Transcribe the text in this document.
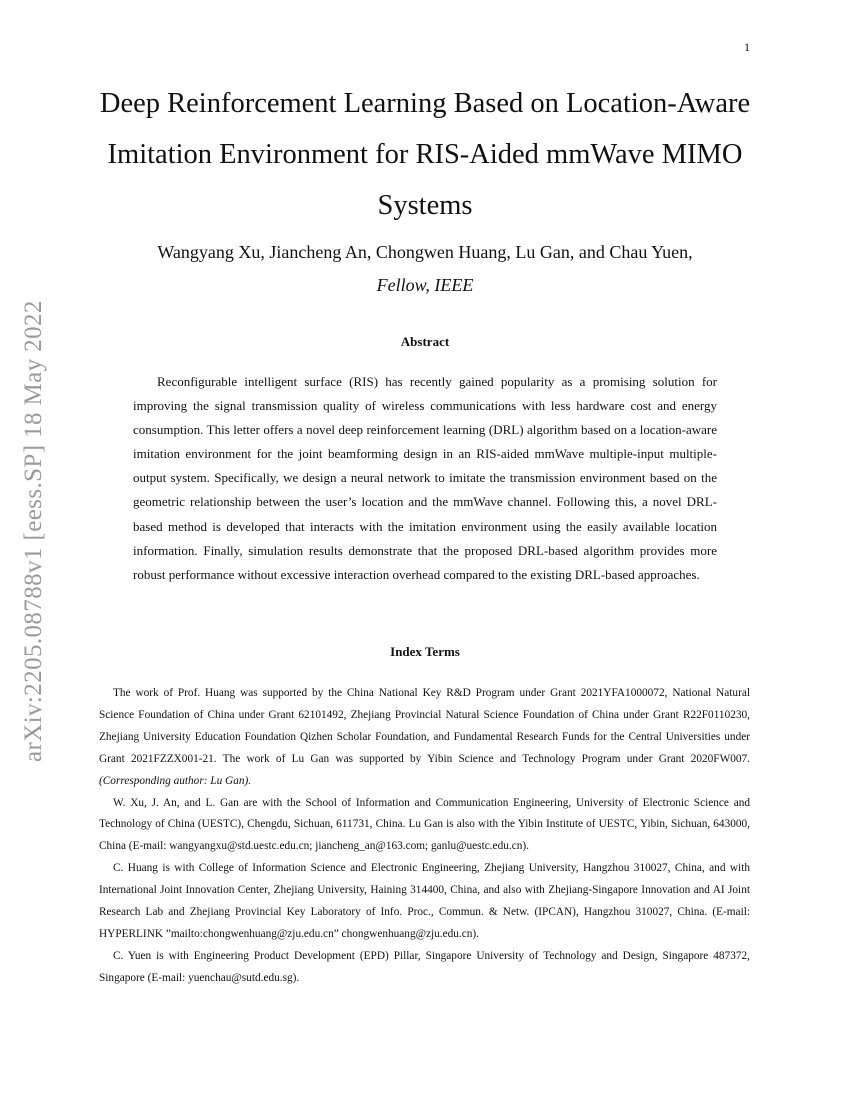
1
arXiv:2205.08788v1 [eess.SP] 18 May 2022
Deep Reinforcement Learning Based on Location-Aware Imitation Environment for RIS-Aided mmWave MIMO Systems
Wangyang Xu, Jiancheng An, Chongwen Huang, Lu Gan, and Chau Yuen,
Fellow, IEEE
Abstract

Reconfigurable intelligent surface (RIS) has recently gained popularity as a promising solution for improving the signal transmission quality of wireless communications with less hardware cost and energy consumption. This letter offers a novel deep reinforcement learning (DRL) algorithm based on a location-aware imitation environment for the joint beamforming design in an RIS-aided mmWave multiple-input multiple-output system. Specifically, we design a neural network to imitate the transmission environment based on the geometric relationship between the user’s location and the mmWave channel. Following this, a novel DRL-based method is developed that interacts with the imitation environment using the easily available location information. Finally, simulation results demonstrate that the proposed DRL-based algorithm provides more robust performance without excessive interaction overhead compared to the existing DRL-based approaches.

Index Terms

The work of Prof. Huang was supported by the China National Key R&D Program under Grant 2021YFA1000072, National Natural Science Foundation of China under Grant 62101492, Zhejiang Provincial Natural Science Foundation of China under Grant R22F0110230, Zhejiang University Education Foundation Qizhen Scholar Foundation, and Fundamental Research Funds for the Central Universities under Grant 2021FZZX001-21. The work of Lu Gan was supported by Yibin Science and Technology Program under Grant 2020FW007. (Corresponding author: Lu Gan).

W. Xu, J. An, and L. Gan are with the School of Information and Communication Engineering, University of Electronic Science and Technology of China (UESTC), Chengdu, Sichuan, 611731, China. Lu Gan is also with the Yibin Institute of UESTC, Yibin, Sichuan, 643000, China (E-mail: wangyangxu@std.uestc.edu.cn; jiancheng_an@163.com; ganlu@uestc.edu.cn).

C. Huang is with College of Information Science and Electronic Engineering, Zhejiang University, Hangzhou 310027, China, and with International Joint Innovation Center, Zhejiang University, Haining 314400, China, and also with Zhejiang-Singapore Innovation and AI Joint Research Lab and Zhejiang Provincial Key Laboratory of Info. Proc., Commun. & Netw. (IPCAN), Hangzhou 310027, China. (E-mail: HYPERLINK ”mailto:chongwenhuang@zju.edu.cn” chongwenhuang@zju.edu.cn).

C. Yuen is with Engineering Product Development (EPD) Pillar, Singapore University of Technology and Design, Singapore 487372, Singapore (E-mail: yuenchau@sutd.edu.sg).
